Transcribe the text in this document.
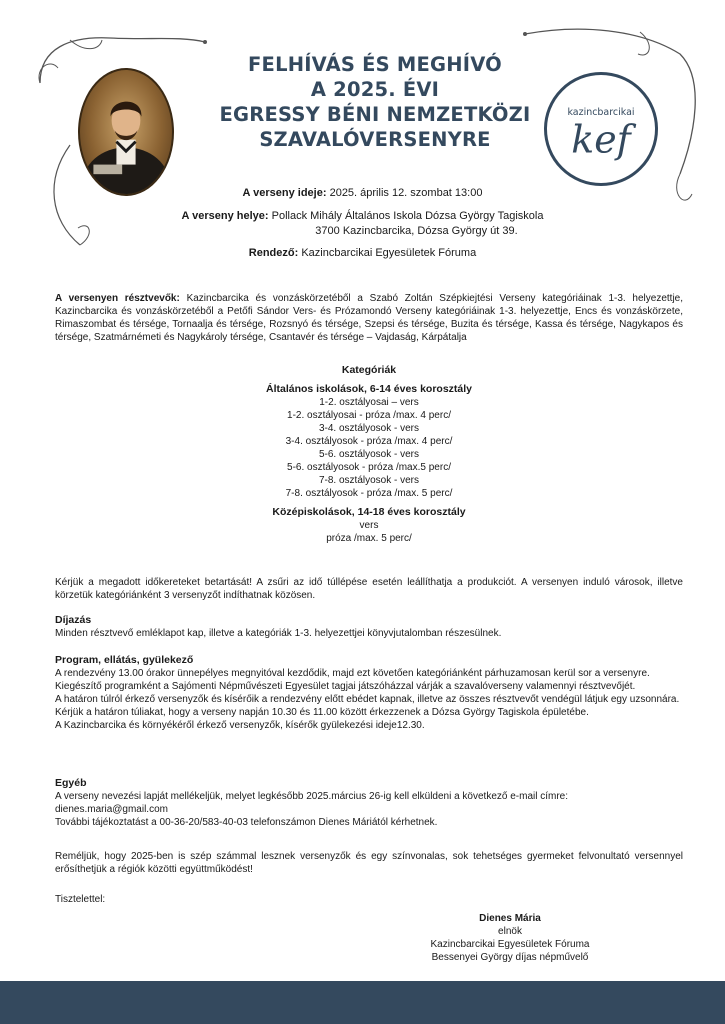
FELHÍVÁS ÉS MEGHÍVÓ
A 2025. ÉVI
EGRESSY BÉNI NEMZETKÖZI
SZAVALÓVERSENYRE
kazincbarcikai
kef
A verseny ideje: 2025. április 12. szombat 13:00
A verseny helye: Pollack Mihály Általános Iskola Dózsa György Tagiskola
3700 Kazincbarcika, Dózsa György út 39.
Rendező: Kazincbarcikai Egyesületek Fóruma
A versenyen résztvevők: Kazincbarcika és vonzáskörzetéből a Szabó Zoltán Szépkiejtési Verseny kategóriáinak 1-3. helyezettje, Kazincbarcika és vonzáskörzetéből a Petőfi Sándor Vers- és Prózamondó Verseny kategóriáinak 1-3. helyezettje, Encs és vonzáskörzete, Rimaszombat és térsége, Tornaalja és térsége, Rozsnyó és térsége, Szepsi és térsége, Buzita és térsége, Kassa és térsége, Nagykapos és térsége, Szatmárnémeti és Nagykároly térsége, Csantavér és térsége – Vajdaság, Kárpátalja
Kategóriák
Általános iskolások, 6-14 éves korosztály
1-2. osztályosai – vers
1-2. osztályosai - próza /max. 4 perc/
3-4. osztályosok - vers
3-4. osztályosok - próza /max. 4 perc/
5-6. osztályosok - vers
5-6. osztályosok - próza /max.5 perc/
7-8. osztályosok - vers
7-8. osztályosok - próza /max. 5 perc/
Középiskolások, 14-18 éves korosztály
vers
próza /max. 5 perc/
Kérjük a megadott időkereteket betartását! A zsűri az idő túllépése esetén leállíthatja a produkciót. A versenyen induló városok, illetve körzetük kategóriánként 3 versenyzőt indíthatnak közösen.
Díjazás
Minden résztvevő emléklapot kap, illetve a kategóriák 1-3. helyezettjei könyvjutalomban részesülnek.
Program, ellátás, gyülekező
A rendezvény 13.00 órakor ünnepélyes megnyitóval kezdődik, majd ezt követően kategóriánként párhuzamosan kerül sor a versenyre.
Kiegészítő programként a Sajómenti Népművészeti Egyesület tagjai játszóházzal várják a szavalóverseny valamennyi résztvevőjét.
A határon túlról érkező versenyzők és kísérőik a rendezvény előtt ebédet kapnak, illetve az összes résztvevőt vendégül látjuk egy uzsonnára.
Kérjük a határon túliakat, hogy a verseny napján 10.30 és 11.00 között érkezzenek a Dózsa György Tagiskola épületébe.
A Kazincbarcika és környékéről érkező versenyzők, kísérők gyülekezési ideje12.30.
Egyéb
A verseny nevezési lapját mellékeljük, melyet legkésőbb 2025.március 26-ig kell elküldeni a következő e-mail címre:
dienes.maria@gmail.com
További tájékoztatást a 00-36-20/583-40-03 telefonszámon Dienes Máriától kérhetnek.
Reméljük, hogy 2025-ben is szép számmal lesznek versenyzők és egy színvonalas, sok tehetséges gyermeket felvonultató versennyel erősíthetjük a régiók közötti együttműködést!
Tisztelettel:
Dienes Mária
elnök
Kazincbarcikai Egyesületek Fóruma
Bessenyei György díjas népművelő
